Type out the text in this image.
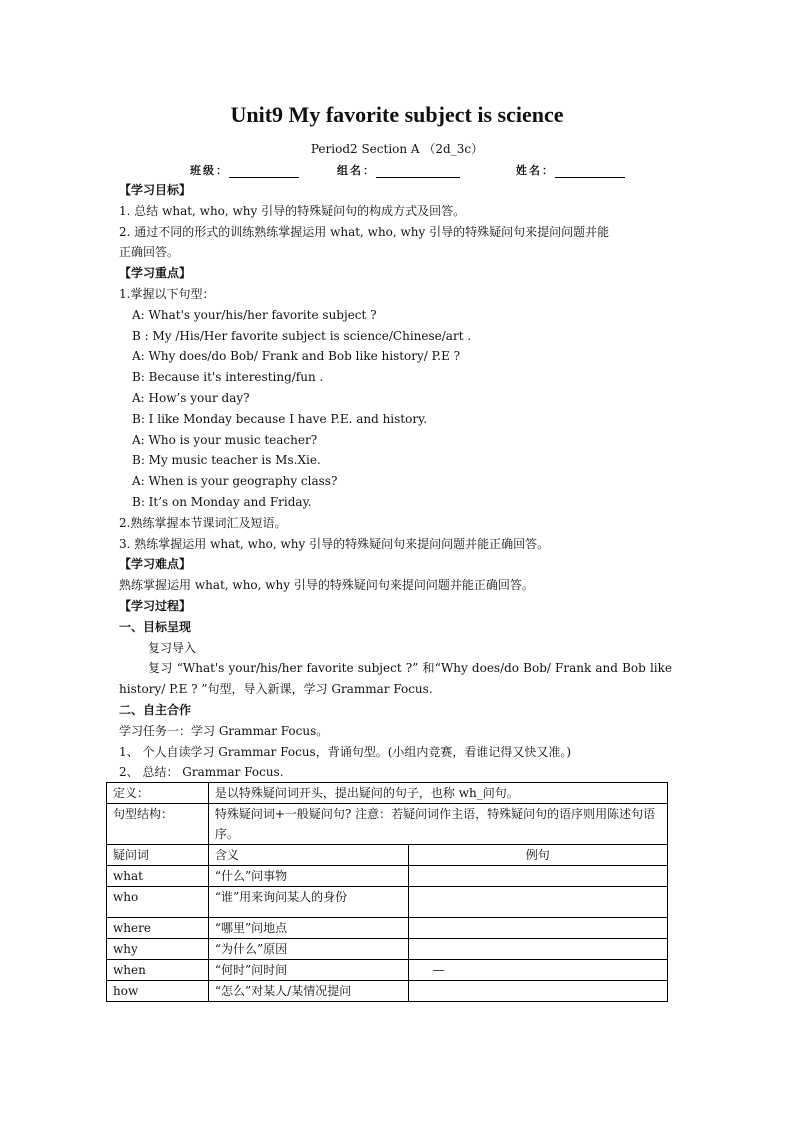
Unit9 My favorite subject is science
Period2 Section A （2d_3c）
班级：	组名：	姓名：

【学习目标】

1. 总结 what, who, why 引导的特殊疑问句的构成方式及回答。

2. 通过不同的形式的训练熟练掌握运用 what, who, why 引导的特殊疑问句来提问问题并能

正确回答。

【学习重点】

1.掌握以下句型：

A: What's your/his/her favorite subject ?

B : My /His/Her favorite subject is science/Chinese/art .

A: Why does/do Bob/ Frank and Bob like history/ P.E ?

B: Because it's interesting/fun .

A: How’s your day?

B: I like Monday because I have P.E. and history.

A: Who is your music teacher?

B: My music teacher is Ms.Xie.

A: When is your geography class?

B: It’s on Monday and Friday.

2.熟练掌握本节课词汇及短语。

3. 熟练掌握运用 what, who, why 引导的特殊疑问句来提问问题并能正确回答。

【学习难点】

熟练掌握运用 what, who, why 引导的特殊疑问句来提问问题并能正确回答。

【学习过程】

一、目标呈现

复习导入

复习 “What's your/his/her favorite subject ?” 和“Why does/do Bob/ Frank and Bob like

history/ P.E ? ”句型，导入新课，学习 Grammar Focus.

二、自主合作

学习任务一：学习 Grammar Focus。

1、 个人自读学习 Grammar Focus，背诵句型。(小组内竞赛，看谁记得又快又准。)

2、 总结： Grammar Focus.

定义：	是以特殊疑问词开头，提出疑问的句子，也称 wh_问句。	
句型结构：	特殊疑问词+一般疑问句? 注意：若疑问词作主语，特殊疑问句的语序则用陈述句语序。	
疑问词	含义	例句
what	“什么”问事物	
who	“谁”用来询问某人的身份	
where	“哪里”问地点	
why	“为什么”原因	
when	“何时”问时间	—
how	“怎么”对某人/某情况提问	
